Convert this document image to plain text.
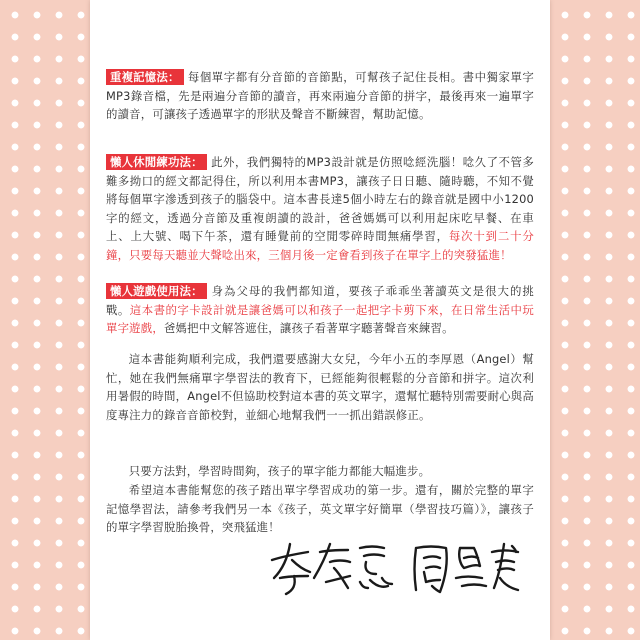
重複記憶法： 每個單字都有分音節的音節點，可幫孩子記住長相。書中獨家單字MP3錄音檔，先是兩遍分音節的讀音，再來兩遍分音節的拼字，最後再來一遍單字的讀音，可讓孩子透過單字的形狀及聲音不斷練習，幫助記憶。
懶人休閒練功法： 此外，我們獨特的MP3設計就是仿照唸經洗腦！唸久了不管多難多拗口的經文都記得住，所以利用本書MP3，讓孩子日日聽、隨時聽，不知不覺將每個單字滲透到孩子的腦袋中。這本書長達5個小時左右的錄音就是國中小1200字的經文，透過分音節及重複朗讀的設計，爸爸媽媽可以利用起床吃早餐、在車上、上大號、喝下午茶，還有睡覺前的空閒零碎時間無痛學習，每次十到二十分鐘，只要每天聽並大聲唸出來，三個月後一定會看到孩子在單字上的突發猛進！
懶人遊戲使用法： 身為父母的我們都知道，要孩子乖乖坐著讀英文是很大的挑戰。這本書的字卡設計就是讓爸媽可以和孩子一起把字卡剪下來，在日常生活中玩單字遊戲，爸媽把中文解答遮住，讓孩子看著單字聽著聲音來練習。

這本書能夠順利完成，我們還要感謝大女兒，今年小五的李厚恩（Angel）幫忙，她在我們無痛單字學習法的教育下，已經能夠很輕鬆的分音節和拼字。這次利用暑假的時間，Angel不但協助校對這本書的英文單字，還幫忙聽特別需要耐心與高度專注力的錄音音節校對，並細心地幫我們一一抓出錯誤修正。

只要方法對，學習時間夠，孩子的單字能力都能大幅進步。

希望這本書能幫您的孩子踏出單字學習成功的第一步。還有，關於完整的單字記憶學習法，請參考我們另一本《孩子，英文單字好簡單（學習技巧篇）》，讓孩子的單字學習脫胎換骨，突飛猛進！
